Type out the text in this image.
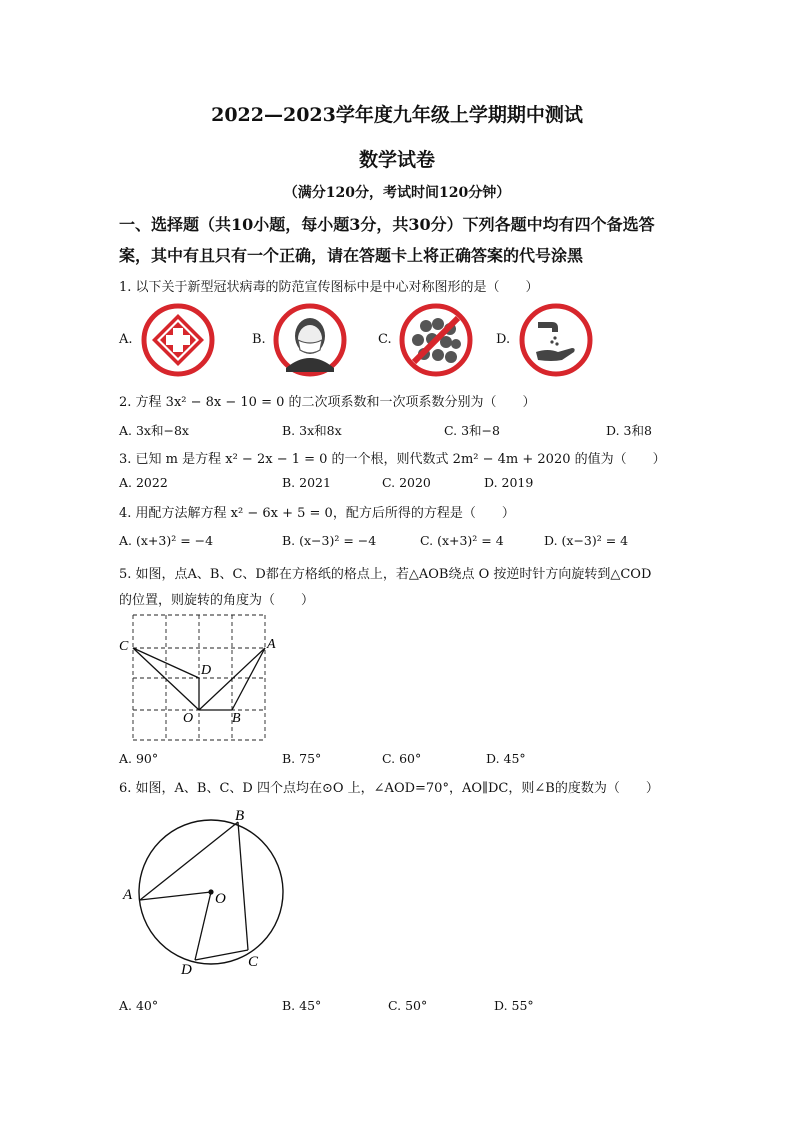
2022—2023学年度九年级上学期期中测试
数学试卷
（满分120分，考试时间120分钟）
一、选择题（共10小题，每小题3分，共30分）下列各题中均有四个备选答
案，其中有且只有一个正确，请在答题卡上将正确答案的代号涂黑
1. 以下关于新型冠状病毒的防范宣传图标中是中心对称图形的是（　　）
A.	B.	C.	D.
2. 方程 3x² − 8x − 10 = 0 的二次项系数和一次项系数分别为（　　）
A. 3x和−8x	B. 3x和8x	C. 3和−8	D. 3和8
3. 已知 m 是方程 x² − 2x − 1 = 0 的一个根，则代数式 2m² − 4m + 2020 的值为（　　）
A. 2022	B. 2021	C. 2020	D. 2019
4. 用配方法解方程 x² − 6x + 5 = 0，配方后所得的方程是（　　）
A. (x+3)² = −4	B. (x−3)² = −4	C. (x+3)² = 4	D. (x−3)² = 4
5. 如图，点A、B、C、D都在方格纸的格点上，若△AOB绕点 O 按逆时针方向旋转到△COD
的位置，则旋转的角度为（　　）
C	A
D
O	B
A. 90°	B. 75°	C. 60°	D. 45°
6. 如图，A、B、C、D 四个点均在⊙O 上，∠AOD=70°，AO∥DC，则∠B的度数为（　　）
B
A	O
D	C
A. 40°	B. 45°	C. 50°	D. 55°
